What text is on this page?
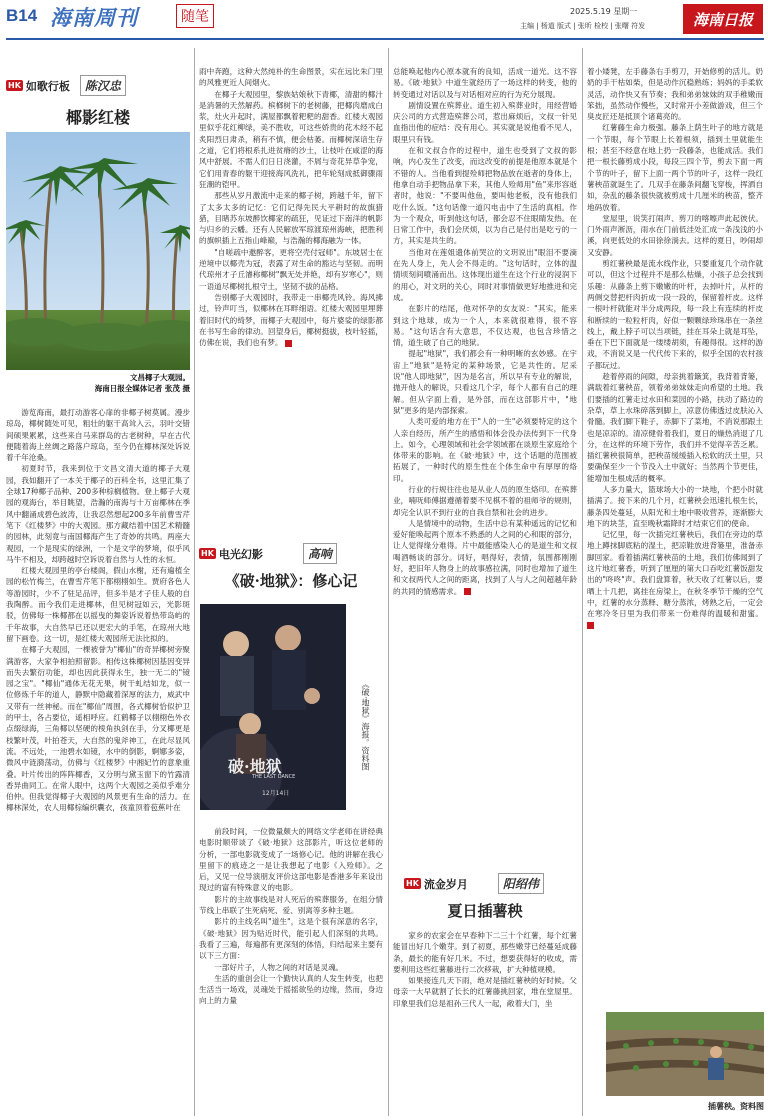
B14 海南周刊	随笔	2025.5.19 星期一
主编 | 杨道 版式 | 张昕 检校 | 张曙 符发	海南日报
HK 如歌行板	陈汉忠
椰影红楼
文昌椰子大观园。
海南日报全媒体记者 张茂 摄

游览海南，最打动游客心扉的非椰子树莫属。漫步琼岛，椰树随处可见，粗壮的躯干高耸入云，羽叶交错间硕果累累，这些来自马来群岛的古老树种，早在古代便随着海上丝绸之路落户琼岛，至今仍在椰林深处诉说着千年沧桑。

初夏时节，我来到位于文昌文清大道的椰子大观园，我如翻开了一本关于椰子的百科全书，这里汇集了全球17种椰子品种、200多种棕榈植物。登上椰子大观园的观海台，举目眺望，浩瀚的南海与十万亩椰林在季风中翻涌成碧色波涛，让我忍然想起200多年前曹雪芹笔下《红楼梦》中的大观园。那方藏结着中国艺术精髓的园林，此刻竟与南国椰海产生了奇妙的共鸣。两座大观园，一个是现实的绿洲，一个是文学的梦境，似乎风马牛不相及，却跨越时空诉说着自然与人性的永恒。

红楼大观园里的亭台楼阁，假山水榭，还有遍植全园的松竹梅兰，在曹雪芹笔下都栩栩如生。贾府各色人等游园时，少不了驻足品评，但多半是才子佳人般的自我陶醉。而今我们走进椰林，但见树冠如云，光影斑驳，仿佛每一株椰都在以摇曳的舞姿诉说着热带岛屿的千年故事，大自然早已还以更宏大的手笔，在琼州大地留下画卷。这一切，是红楼大观园所无法比拟的。

在椰子大观园，一棵被誉为"椰仙"的奇异椰树旁聚满游客，大家争相拍照留影。相传这株椰树因基因变异而失去繁衍功能，却也因此获得永生，独一无二的"镜园之宝"。"椰仙"通体无花无果，树干虬结如龙，似一位修炼千年的道人，静默中隐藏着深厚的法力，威武中又带有一丝神秘。而在"椰仙"周围，各式椰树恰似护卫的甲士，各占要位，遥相呼应。红鹤椰子以栩栩色外衣点缀绿海，三角椰以坚硬的棱角执剑在手，分叉椰更是枝繁叶茂，叶拍苍天，大自然的鬼斧神工，在此尽显风流。不远处，一池碧水如镜，水中的倒影，婀娜多姿，微风中涟漪荡动，仿佛与《红楼梦》中湘妃竹的意象重叠。叶片传出的阵阵椰香，又分明与黛玉窗下的竹露清香异曲同工。在常人眼中，这两个大观园之美似乎难分伯仲。但我觉得椰子大观园的风景更有生命的活力。在椰林深处，农人用椰棕编织囊衣，孩童顶着苞蕉叶在

雨中奔跑，这种大然纯朴的生命图景，实在远比朱门里的风雅更近人间烟火。

在椰子大观园里，黎族姑娘秋下青椰，清甜的椰汁是消暑的天然解药。槟榔树下的老树藤，把椰肉磨成白浆，灶火升起时，满屋都飘着粑粑的甜香。红楼大观园里似乎花红柳绿，美不胜收，可这些娇贵的花木经不起炙阳烈日肃杀，稍有不慎，便会枯萎。而椰树深谙生存之道，它们将根系扎进贫瘠的沙土，让枝叶在咸涩的海风中舒展。不需人们日日浇灌，不屑与奇花异草争宠，它们用青春的躯干迎接海风洗礼，把年轮刻成抵御骤雨狂潮的铠甲。

那些从岁月激流中走来的椰子树，跨越千年，留下了太多太多的记忆：它们记得先民大平耕时的故旗猎猎，目睹苏东坡醉饮椰家的疏狂，见证过下南洋的帆影与归乡的云幡。还有人民解放军琼渡琼州海峡，把胜利的旗帜插上五指山峰巅，与浩瀚的椰海融为一体。

"自嗟疏中邀醉客，更将空壳付冠师"。东坡居士在逆境中以椰壳为冠，表露了对生命的豁达与坚韧。而明代琼州才子丘濬称椰树"飘无处并艳，却有岁寒心"，则一语道尽椰树扎根守土，坚韧不拔的品格。

告别椰子大观园时，我带走一串椰壳风铃。海风拂过，铃声叮当，似椰林在耳畔细语。红楼大观园里埋葬着旧时代的绮梦，而椰子大观园中，每片婆娑的绿影都在书写生命的律动。回望身后，椰树挺拔，枝叶轻摇，仿佛在说，我们也有梦。

HK 电光幻影	高响
《破·地狱》：修心记
破·地狱
THE LAST DANCE
12月14日
《破·地狱》海报。资料图

前段时间，一位微量颇大的网络文学老师在讲经典电影时顺带谈了《破·地狱》这部影片，听这位老师的分析，一部电影就变成了一场修心记。他的讲解在我心里留下的痕迹之一是让我想起了电影《入殓师》。之后，又见一位导演朋友评价这部电影是香港多年来设出现过的富有特殊意义的电影。

影片的主故事线是对人死后的殡葬服务，在组分情节线上串联了生死病死、爱、别离等多种主题。

影片的主线名叫"道生"，这是个很有深意的名字，《破·地狱》因为贴近时代，能引起人们深刻的共鸣。我看了三遍，每遍都有更深刻的体悟，归结起来主要有以下三方面：

一部好片子，人物之间的对话是灵魂。

生活的重创会让一个勤快认真的人发生转变，也把生活当一场戏，灵魂处于摇摇欲坠的边缘，然而，身边向上的力量

总能唤起他内心原本就有的良知，活成一道光。这不容易。《破·地狱》中道生就经历了一场这样的转变，他的转变通过对话以及与对话相对应的行为充分展现。

剧情设置在殡葬业。道生初入殡葬业时，用经营婚庆公司的方式营造殡葬公司，惹出麻烦后，文叔一针见血指出他的症结：没有用心。其实就是说他看不见人，眼里只有钱。

在和文叔合作的过程中，道生也受到了文叔的影响，内心发生了改变，而这改变的前提是他原本就是个不错的人。当他看到提殓师把物品放在逝者的身体上，他拿自动手把物品拿下来，其他人殓师用"鱼"来形容逝者时，他说："不要叫他鱼，要叫他老板，没有他我们吃什么饭。"这句话像一道闪电击中了生活的真相。作为一个观众，听到他这句话，都会忍不住眼睛发热。在日常工作中，我们会厌烦，以为自己是付出是吃亏的一方，其实是共生的。

当他对在莲姐遗体前哭泣的文玥说出"眼泪不要滴在先人身上，先人会不得走的。"这句话时，立体的温情顷刻间噴涌而出。这体现出道生在这个行业的浸润下的用心，对文玥的关心，同时对事情做更好地推进和完成。

在影片的结尾，他对怀孕的女友说："其实，能来到这个地球，成为一个人，本来就很难得，很不容易。"这句话含有大意思，不仅达观，也包含珍惜之情，道生破了自己的地狱。

提起"地狱"，我们都会有一种明晰的玄妙感。在宇宙上"地狱"是特定的某种场景，它是共性的。尼采说"他人即地狱"，因为是名言，所以早有专业的解说，抛开他人的解说，只看这几个字，每个人都有自己的理解。但从字面上看，是外部，而在这部影片中，"地狱"更多的是内部探索。

人类可爱的地方在于"人的一生"必须要特定的这个人亲自经历，所产生的感悟和体会没办法传到下一代身上。如今，心理领域和社会学领域都在谈原生家庭给个体带来的影响。在《破·地狱》中，这个话题的范围被拓展了，一种时代的原生性在个体生命中有厚厚的烙印。

行业的行规往往也是从业人员的原生烙印。在殡葬业，喃呒师傅据遵循着要不见棋不着的祖师爷的规则，却完全认识不到行业的自我自禁和社会的进步。

人是情境中的动物，生活中总有某种遥远的记忆和爱好能唤起两个原本不熟悉的人之间的心和眼的部分，让人觉得缘分难得。片中最能感染人心的是道生和文叔喝酒畅谈的部分。词好，唱得好，表情，氛围都刚刚好，把旧年人物身上的故事感拉满，同时也增加了道生和文叔两代人之间的距离，找到了人与人之间超越年龄的共同的情感需求。

HK 流金岁月	阳绍伟
夏日插薯秧

家乡的农家会在早春种下二三十个红薯，每个红薯能冒出好几个嫩芽。到了初夏，那些嫩芽已经蔓延成藤条，最长的能有好几米。不过，想要获得好的收成，需要利用这些红薯藤进行二次移栽，扩大种植规模。

如果接连几天下雨，绝对是插红薯秧的好时候。父母亲一大早就割了长长的红薯藤挑回家，堆在堂屋里。印象里我们总是祖孙三代人一起，敞着大门，坐

着小矮凳，左手藤条右手剪刀，开始修剪的活儿。奶奶的手干枯如柴，但是动作沉稳熟练；妈妈的手柔软灵活，动作快又有节奏；我和弟弟妹妹的双手稚嫩而笨拙，虽然动作慢些，又时常开小差做游戏，但三个臭皮匠还是抵顶个诸葛亮的。

红薯藤生命力极强。藤条上荫生叶子的地方就是一个节眼，每个节眼上长着根须，插到土里就能生根；甚至不经意在地上扔一段藤条，也能成活。我们把一根长藤剪成小段，每段三四个节，剪去下面一两个节的叶子，留下上面一两个节的叶子，这样一段红薯秧苗就诞生了。几双手在藤条间翻飞穿梭，挥洒自如，杂乱的藤条很快就被剪成十几厘米的秧苗，整齐地码放着。

堂屋里，说笑打闹声、剪刀的喀嚓声此起彼伏。门外雨声淅沥，雨水在门前低洼处汇成一条浅浅的小溪，向更低处的水田徐徐淌去。这样的夏日，吵闹却又安静。

剪红薯秧最是流水线作业，只要重复几个动作就可以，但这个过程并不是那么枯燥，小孩子总会找到乐趣：从藤条上剪下嫩嫩的叶杆，去掉叶片，从杆的两侧交替把杆肉折成一段一段的，保留着杆皮。这样一根叶杆就能对半分成两段，每一段上有连续的杆皮和断续的一粒粒杆肉，好似一颗颗绿珍珠串在一条丝线上，戴上脖子可以当项链，挂在耳朵上就是耳坠，垂在下巴下面就是一缕缕胡须，有趣得很。这样的游戏，不消说又是一代代传下来的，似乎全国的农村孩子都玩过。

趁着停雨的间隙，母亲挑着簸箕，我背着背篓，满载着红薯秧苗，领着弟弟妹妹走向希望的土地。我们要插的红薯走过水田和菜园的小路，扶动了路边的杂草，草上水珠碎落到脚上，凉意仿佛透过皮肤沁入骨髓。我们脚下鞋子，赤脚下了菜地，不消说那跟土也是凉凉的。清凉健骨着我们，夏日的燥热消退了几分，在这样的环境下劳作，我们并不觉得辛苦乏累。插红薯秧很简单，把秧苗缓缓插入松软的沃土里，只要确保至少一个节没入土中就好；当然两个节更佳，能增加生根成活的概率。

人多力量大，篮球场大小的一块地，个把小时就插满了。接下来的几个月，红薯秧会迅速扎根生长，藤条四处蔓延，从阳光和土地中吸收营养，逐渐膨大地下的块茎，直至晚秋霜降时才结束它们的使命。

记忆里，每一次插完红薯秧后，我们在旁边的草地上蹲抹脚底粘的湿土，把凉鞋放进背篓里，准备赤脚回家。看着插满红薯秧苗的土地，我们仿佛闻到了这片地红薯香，听到了厘厘的第大口吞吃红薯饭甜发出的"咚咚"声。我们盘算着，秋天收了红薯以后，要晒上十几把，离挂在房梁上，在秋冬季节干燥的空气中，红薯的水分蒸释、糖分蒸浓，烤熟之后，一定会在寒冷冬日里为我们带来一份难得的温暖和甜蜜。

插薯秧。资料图
